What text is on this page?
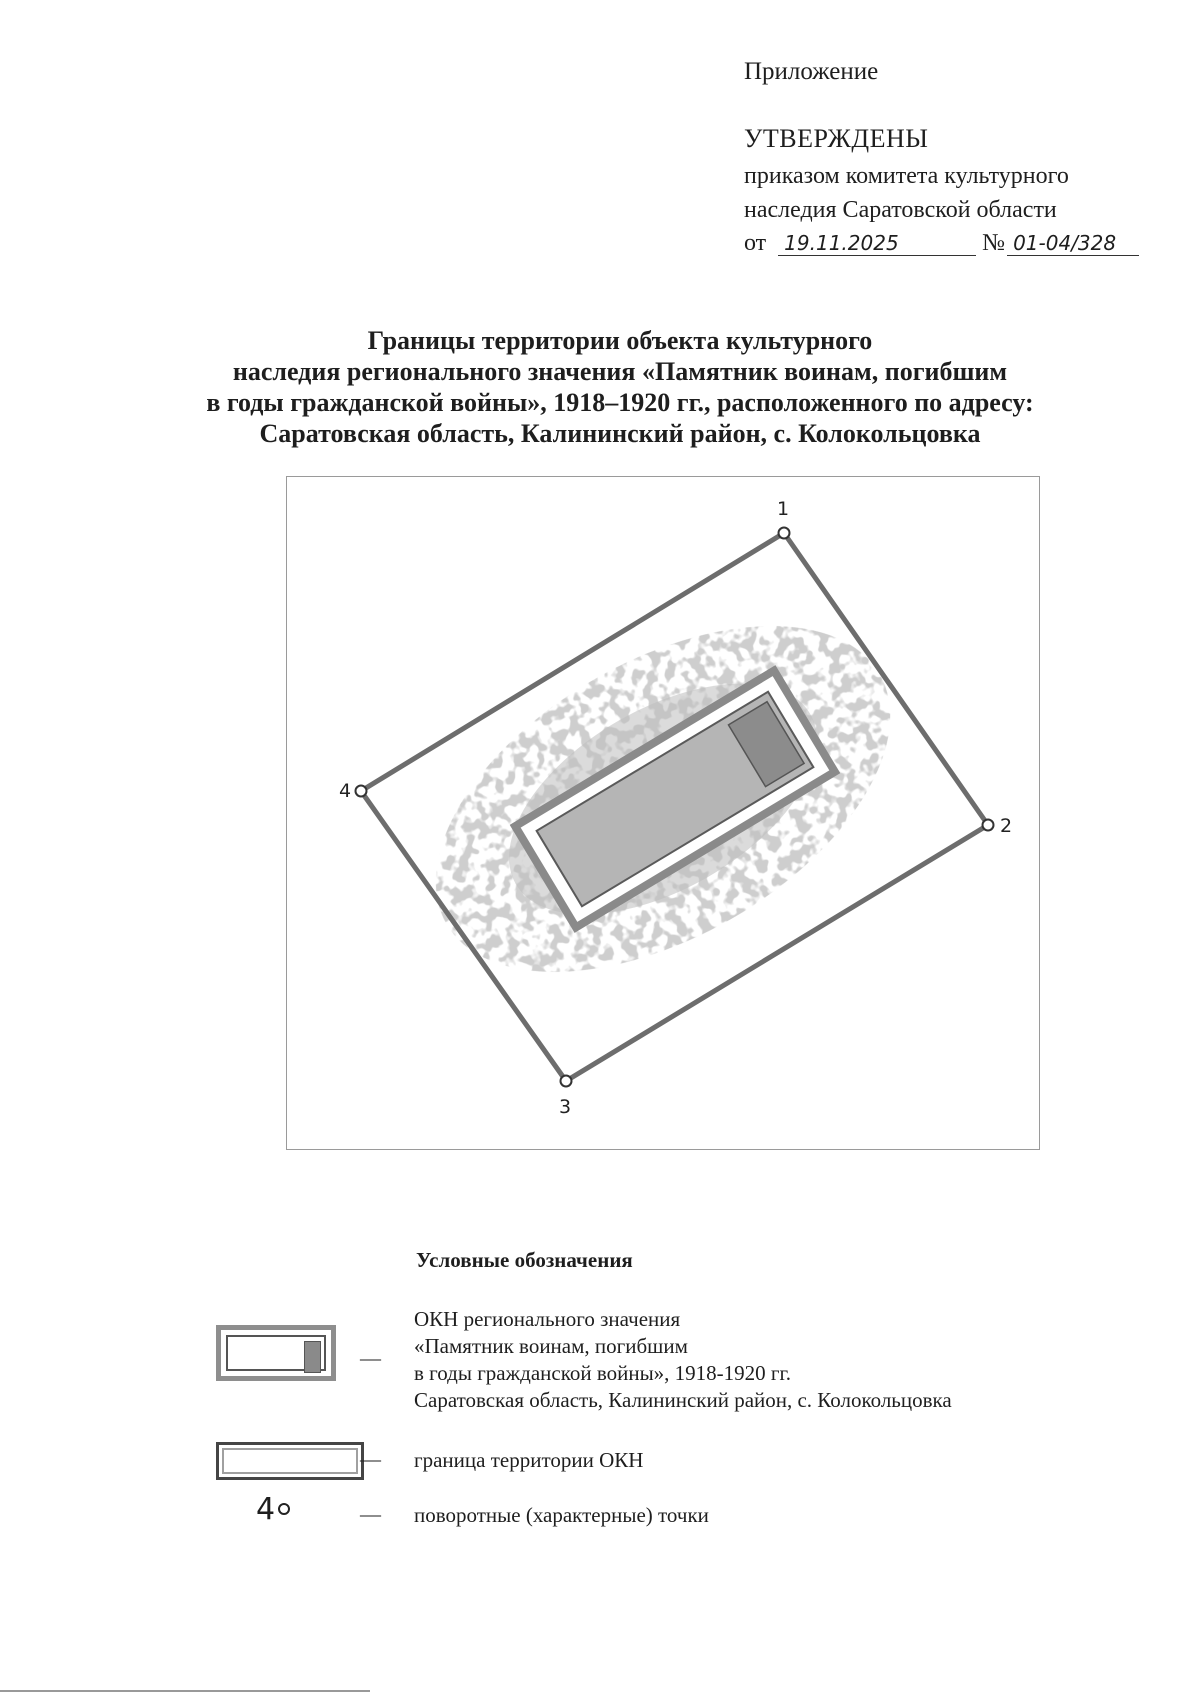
Приложение
УТВЕРЖДЕНЫ
приказом комитета культурного
наследия Саратовской области
от 19.11.2025	№ 01-04/328
Границы территории объекта культурного
наследия регионального значения «Памятник воинам, погибшим
в годы гражданской войны», 1918–1920 гг., расположенного по адресу:
Саратовская область, Калининский район, с. Колокольцовка
1
2
3
4
Условные обозначения
—
ОКН регионального значения
«Памятник воинам, погибшим
в годы гражданской войны», 1918-1920 гг.
Саратовская область, Калининский район, с. Колокольцовка
— граница территории ОКН
4	— поворотные (характерные) точки
